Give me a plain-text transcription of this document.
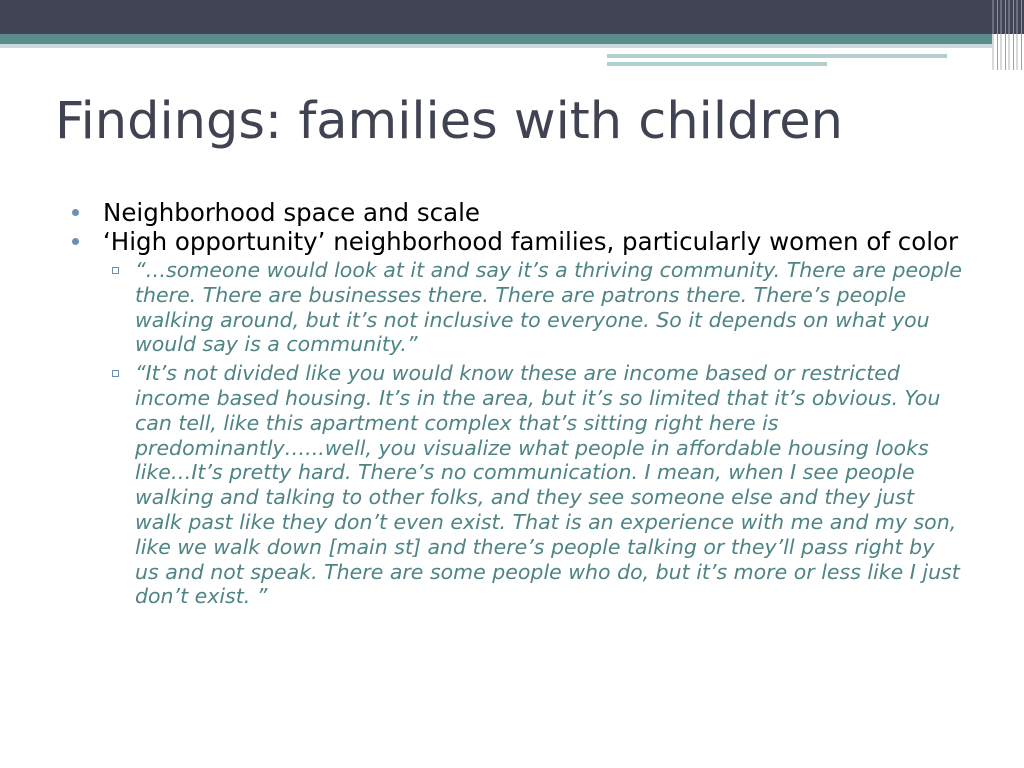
Findings: families with children
Neighborhood space and scale
‘High opportunity’ neighborhood families, particularly women of color
“…someone would look at it and say it’s a thriving community. There are people there. There are businesses there. There are patrons there. There’s people walking around, but it’s not inclusive to everyone. So it depends on what you would say is a community.”
“It’s not divided like you would know these are income based or restricted income based housing. It’s in the area, but it’s so limited that it’s obvious. You can tell, like this apartment complex that’s sitting right here is predominantly…...well, you visualize what people in affordable housing looks like…It’s pretty hard. There’s no communication. I mean, when I see people walking and talking to other folks, and they see someone else and they just walk past like they don’t even exist. That is an experience with me and my son, like we walk down [main st] and there’s people talking or they’ll pass right by us and not speak. There are some people who do, but it’s more or less like I just don’t exist. ”
